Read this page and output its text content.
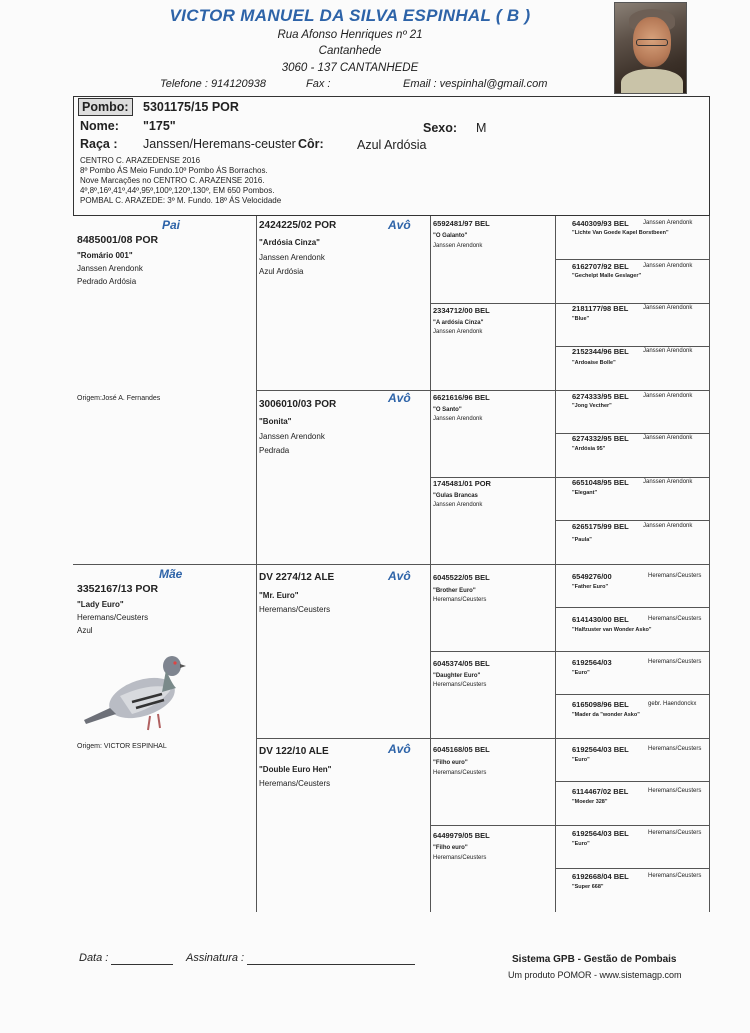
VICTOR MANUEL DA SILVA ESPINHAL ( B )
Rua Afonso Henriques nº 21
Cantanhede
3060 - 137 CANTANHEDE
Telefone : 914120938	Fax :	Email : vespinhal@gmail.com
Pombo:	5301175/15 POR
Nome: "175"	Sexo: M
Raça : Janssen/Heremans-ceuster Côr:	Azul Ardósia
CENTRO C. ARAZEDENSE 2016
8º Pombo ÁS Meio Fundo.10º Pombo ÁS Borrachos.
Nove Marcações no CENTRO C. ARAZENSE 2016.
4º,8º,16º,41º,44º,95º,100º,120º,130º, EM 650 Pombos.
POMBAL C. ARAZEDE: 3º M. Fundo. 18º ÁS Velocidade
Pai
8485001/08 POR
"Romário 001"
Janssen Arendonk
Pedrado Ardósia
Origem:José A. Fernandes
Mãe
3352167/13 POR
"Lady Euro"
Heremans/Ceusters
Azul
Origem: VICTOR ESPINHAL
Avô
2424225/02 POR
"Ardósia Cinza"
Janssen Arendonk
Azul Ardósia
Avô
3006010/03 POR
"Bonita"
Janssen Arendonk
Pedrada
Avô
DV 2274/12 ALE
"Mr. Euro"
Heremans/Ceusters
Avô
DV 122/10 ALE
"Double Euro Hen"
Heremans/Ceusters
6592481/97 BEL
"O Galanto"
Janssen Arendonk
2334712/00 BEL
"A ardósia Cinza"
Janssen Arendonk
6621616/96 BEL
"O Santo"
Janssen Arendonk
1745481/01 POR
"Gulas Brancas
Janssen Arendonk
6045522/05 BEL
"Brother Euro"
Heremans/Ceusters
6045374/05 BEL
"Daughter Euro"
Heremans/Ceusters
6045168/05 BEL
"Filho euro"
Heremans/Ceusters
6449979/05 BEL
"Filho euro"
Heremans/Ceusters
6440309/93 BEL Janssen Arendonk
"Lichte Van Goede Kapel Borstbeen"
6162707/92 BEL Janssen Arendonk
"Gechelpt Malle Geslager"
2181177/98 BEL Janssen Arendonk
"Blue"
2152344/96 BEL Janssen Arendonk
"Ardoaise Bolle"
6274333/95 BEL Janssen Arendonk
"Jong Vecther"
6274332/95 BEL Janssen Arendonk
"Ardósia 95"
6651048/95 BEL Janssen Arendonk
"Elegant"
6265175/99 BEL Janssen Arendonk
"Paula"
6549276/00	Heremans/Ceusters
"Father Euro"
6141430/00 BEL	Heremans/Ceusters
"Halfzuster van Wonder Asko"
6192564/03	Heremans/Ceusters
"Euro"
6165098/96 BEL	gebr. Haendonckx
"Mader da "wonder Asko"
6192564/03 BEL	Heremans/Ceusters
"Euro"
6114467/02 BEL	Heremans/Ceusters
"Moeder 328"
6192564/03 BEL	Heremans/Ceusters
"Euro"
6192668/04 BEL	Heremans/Ceusters
"Super 668"
Data :	Assinatura :	Sistema GPB - Gestão de Pombais
Um produto POMOR - www.sistemagp.com
